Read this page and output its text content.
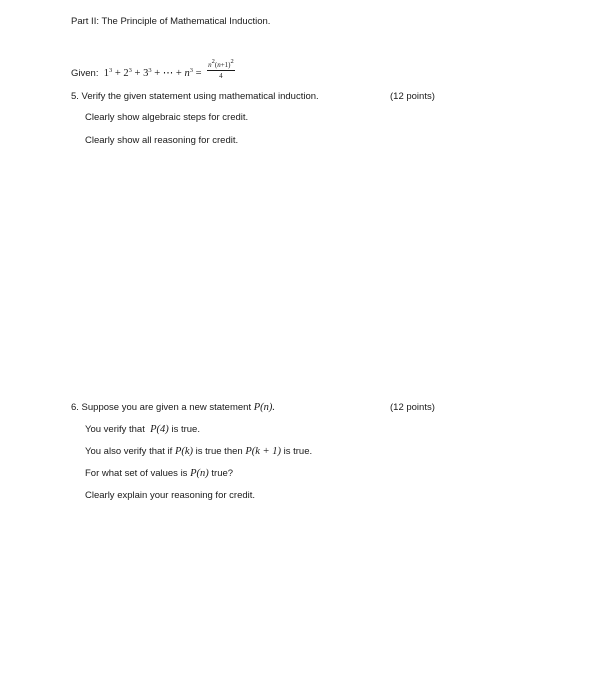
Part II: The Principle of Mathematical Induction.
Given: $1^3 + 2^3 + 3^3$ + ⋯ + $n^3 = \frac{n^2(n+1)^2}{4}$
5. Verify the given statement using mathematical induction.	(12 points)
Clearly show algebraic steps for credit.
Clearly show all reasoning for credit.
6. Suppose you are given a new statement P(n).	(12 points)
You verify that P(4) is true.
You also verify that if P(k) is true then P(k + 1) is true.
For what set of values is P(n) true?
Clearly explain your reasoning for credit.
